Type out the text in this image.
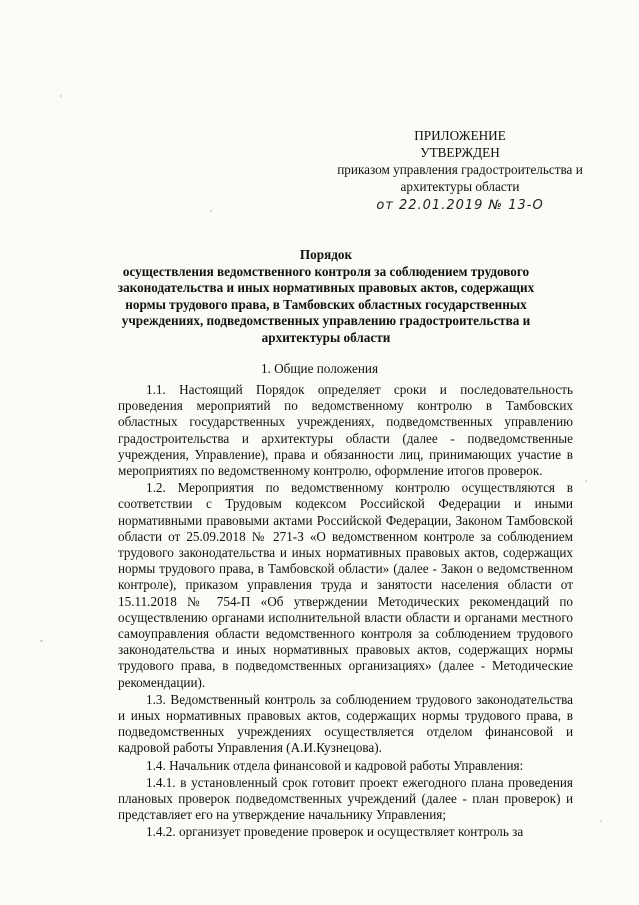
ПРИЛОЖЕНИЕ
УТВЕРЖДЕН
приказом управления градостроительства и
архитектуры области
от 22.01.2019 № 13-О
Порядок
осуществления ведомственного контроля за соблюдением трудового
законодательства и иных нормативных правовых актов, содержащих
нормы трудового права, в Тамбовских областных государственных
учреждениях, подведомственных управлению градостроительства и
архитектуры области
1. Общие положения

1.1. Настоящий Порядок определяет сроки и последовательность проведения мероприятий по ведомственному контролю в Тамбовских областных государственных учреждениях, подведомственных управлению градостроительства и архитектуры области (далее - подведомственные учреждения, Управление), права и обязанности лиц, принимающих участие в мероприятиях по ведомственному контролю, оформление итогов проверок.

1.2. Мероприятия по ведомственному контролю осуществляются в соответствии с Трудовым кодексом Российской Федерации и иными нормативными правовыми актами Российской Федерации, Законом Тамбовской области от 25.09.2018 № 271-З «О ведомственном контроле за соблюдением трудового законодательства и иных нормативных правовых актов, содержащих нормы трудового права, в Тамбовской области» (далее - Закон о ведомственном контроле), приказом управления труда и занятости населения области от 15.11.2018 № 754-П «Об утверждении Методических рекомендаций по осуществлению органами исполнительной власти области и органами местного самоуправления области ведомственного контроля за соблюдением трудового законодательства и иных нормативных правовых актов, содержащих нормы трудового права, в подведомственных организациях» (далее - Методические рекомендации).

1.3. Ведомственный контроль за соблюдением трудового законодательства и иных нормативных правовых актов, содержащих нормы трудового права, в подведомственных учреждениях осуществляется отделом финансовой и кадровой работы Управления (А.И.Кузнецова).

1.4. Начальник отдела финансовой и кадровой работы Управления:

1.4.1. в установленный срок готовит проект ежегодного плана проведения плановых проверок подведомственных учреждений (далее - план проверок) и представляет его на утверждение начальнику Управления;

1.4.2. организует проведение проверок и осуществляет контроль за
